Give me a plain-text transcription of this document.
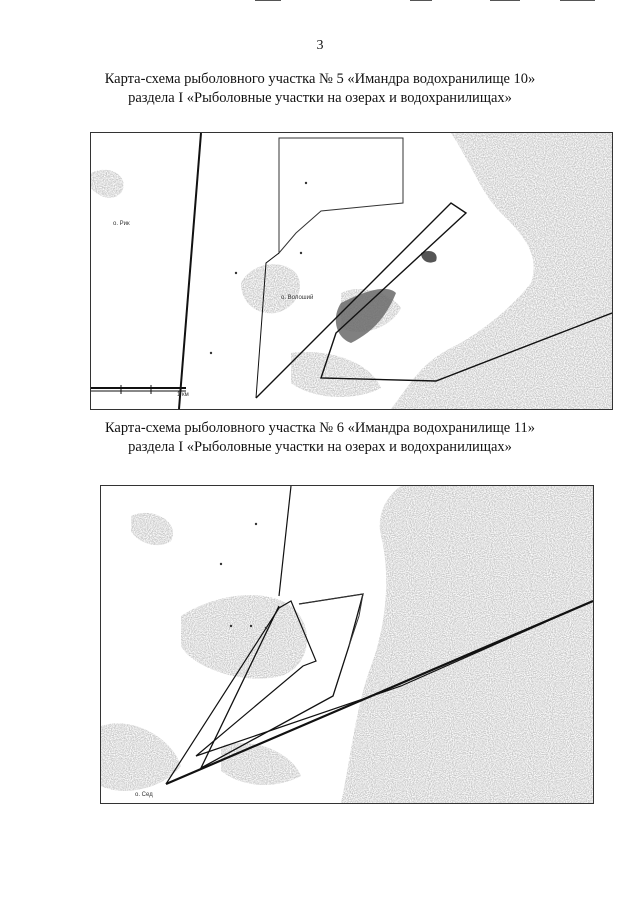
3
Карта-схема рыболовного участка № 5 «Имандра водохранилище 10»
раздела I «Рыболовные участки на озерах и водохранилищах»
о. Рик
о. Волоший
1 км
Карта-схема рыболовного участка № 6 «Имандра водохранилище 11»
раздела I «Рыболовные участки на озерах и водохранилищах»
о. Сед
